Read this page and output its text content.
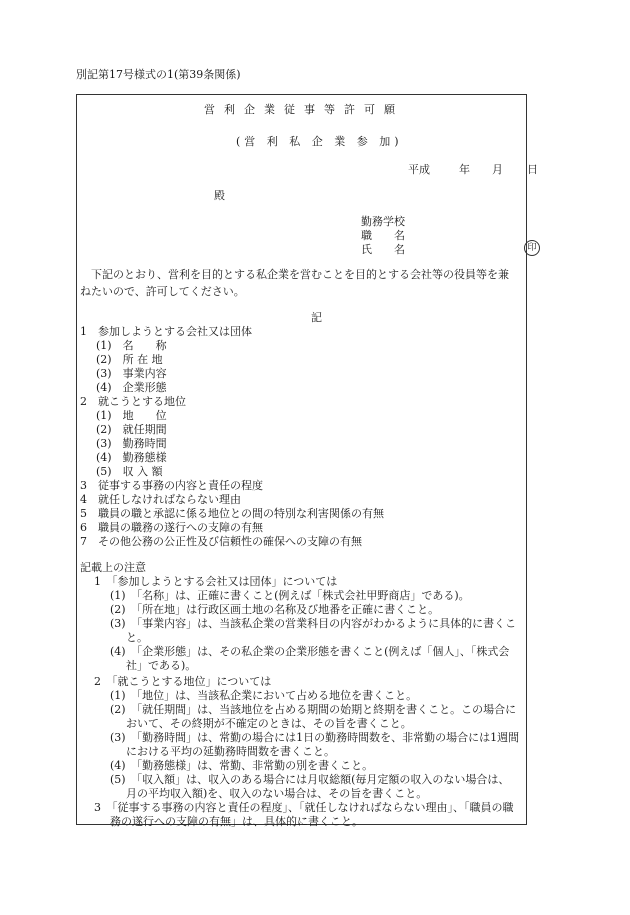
別記第17号様式の1(第39条関係)
営利企業従事等許可願
(営 利 私 企 業 参 加)
平成	年 月 日
殿
勤務学校
職　　名
氏　　名	印
　下記のとおり、営利を目的とする私企業を営むことを目的とする会社等の役員等を兼
ねたいので、許可してください。
記
1　 参加しようとする会社又は団体
(1)　 名　　称
(2)　 所 在 地
(3)　 事業内容
(4)　 企業形態
2　 就こうとする地位
(1)　 地　　位
(2)　 就任期間
(3)　 勤務時間
(4)　 勤務態様
(5)　 収 入 額
3　 従事する事務の内容と責任の程度
4　 就任しなければならない理由
5　 職員の職と承認に係る地位との間の特別な利害関係の有無
6　 職員の職務の遂行への支障の有無
7　 その他公務の公正性及び信頼性の確保への支障の有無
記載上の注意
1　「参加しようとする会社又は団体」については
(1)　「名称」は、正確に書くこと(例えば「株式会社甲野商店」である)。
(2)　「所在地」は行政区画土地の名称及び地番を正確に書くこと。
(3)　「事業内容」は、当該私企業の営業科目の内容がわかるように具体的に書くこ
と。
(4)　「企業形態」は、その私企業の企業形態を書くこと(例えば「個人」、「株式会
社」である)。
2　「就こうとする地位」については
(1)　「地位」は、当該私企業において占める地位を書くこと。
(2)　「就任期間」は、当該地位を占める期間の始期と終期を書くこと。この場合に
おいて、その終期が不確定のときは、その旨を書くこと。
(3)　「勤務時間」は、常勤の場合には1日の勤務時間数を、非常勤の場合には1週間
における平均の延勤務時間数を書くこと。
(4)　「勤務態様」は、常勤、非常勤の別を書くこと。
(5)　「収入額」は、収入のある場合には月収総額(毎月定額の収入のない場合は、
月の平均収入額)を、収入のない場合は、その旨を書くこと。
3　「従事する事務の内容と責任の程度」、「就任しなければならない理由」、「職員の職
務の遂行への支障の有無」は、具体的に書くこと。
